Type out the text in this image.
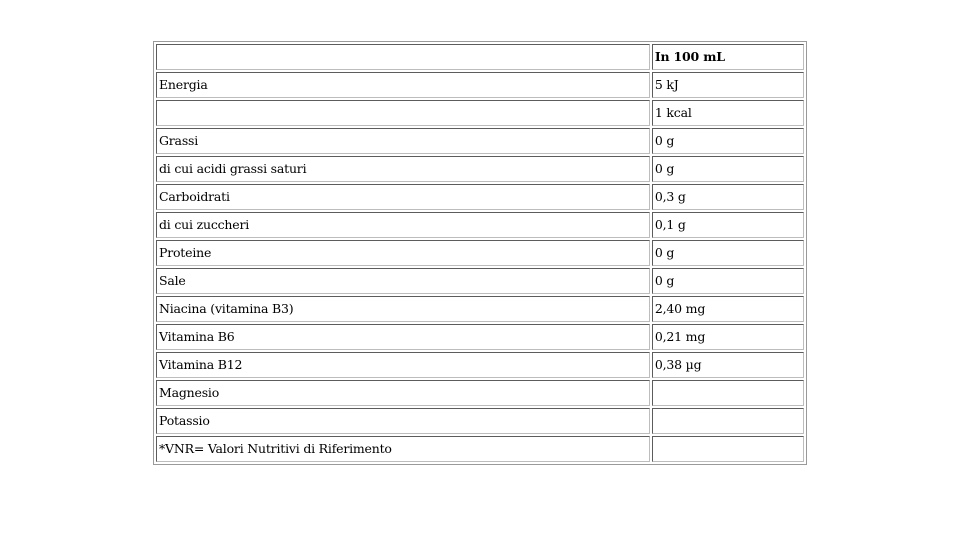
	In 100 mL
Energia	5 kJ
	1 kcal
Grassi	0 g
di cui acidi grassi saturi	0 g
Carboidrati	0,3 g
di cui zuccheri	0,1 g
Proteine	0 g
Sale	0 g
Niacina (vitamina B3)	2,40 mg
Vitamina B6	0,21 mg
Vitamina B12	0,38 µg
Magnesio	
Potassio	
*VNR= Valori Nutritivi di Riferimento	
